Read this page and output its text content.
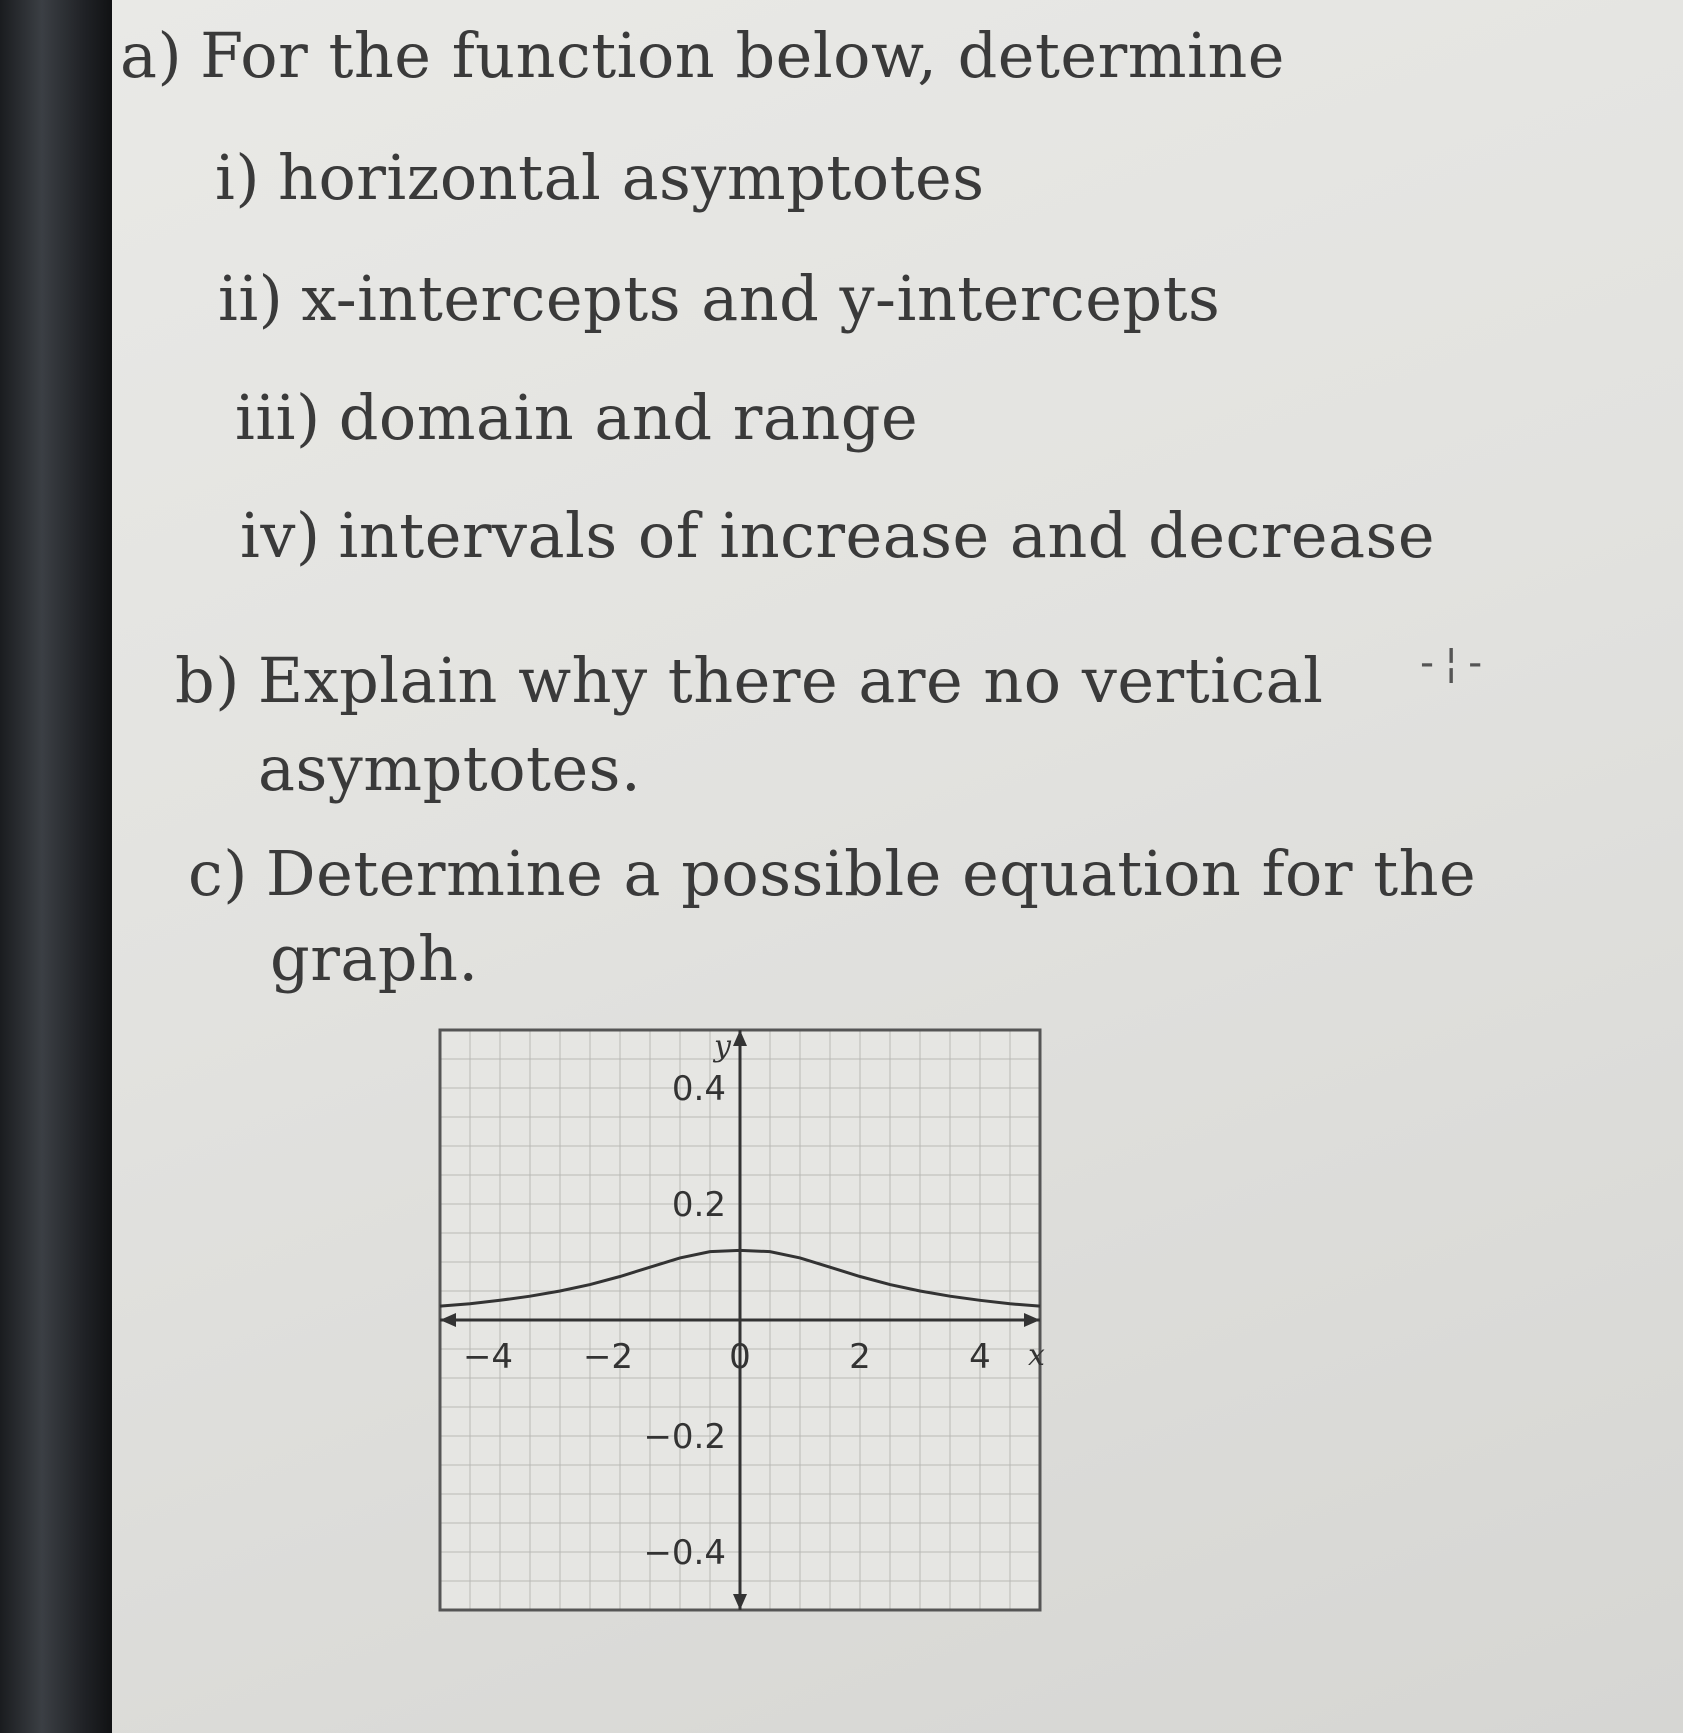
a) For the function below, determine
i) horizontal asymptotes
ii) x-intercepts and y-intercepts
iii) domain and range
iv) intervals of increase and decrease
b) Explain why there are no vertical
asymptotes.
-¦-
c) Determine a possible equation for the
graph.
x
y
−4 −2	0	2	4
0.4
0.2
−0.2
−0.4
